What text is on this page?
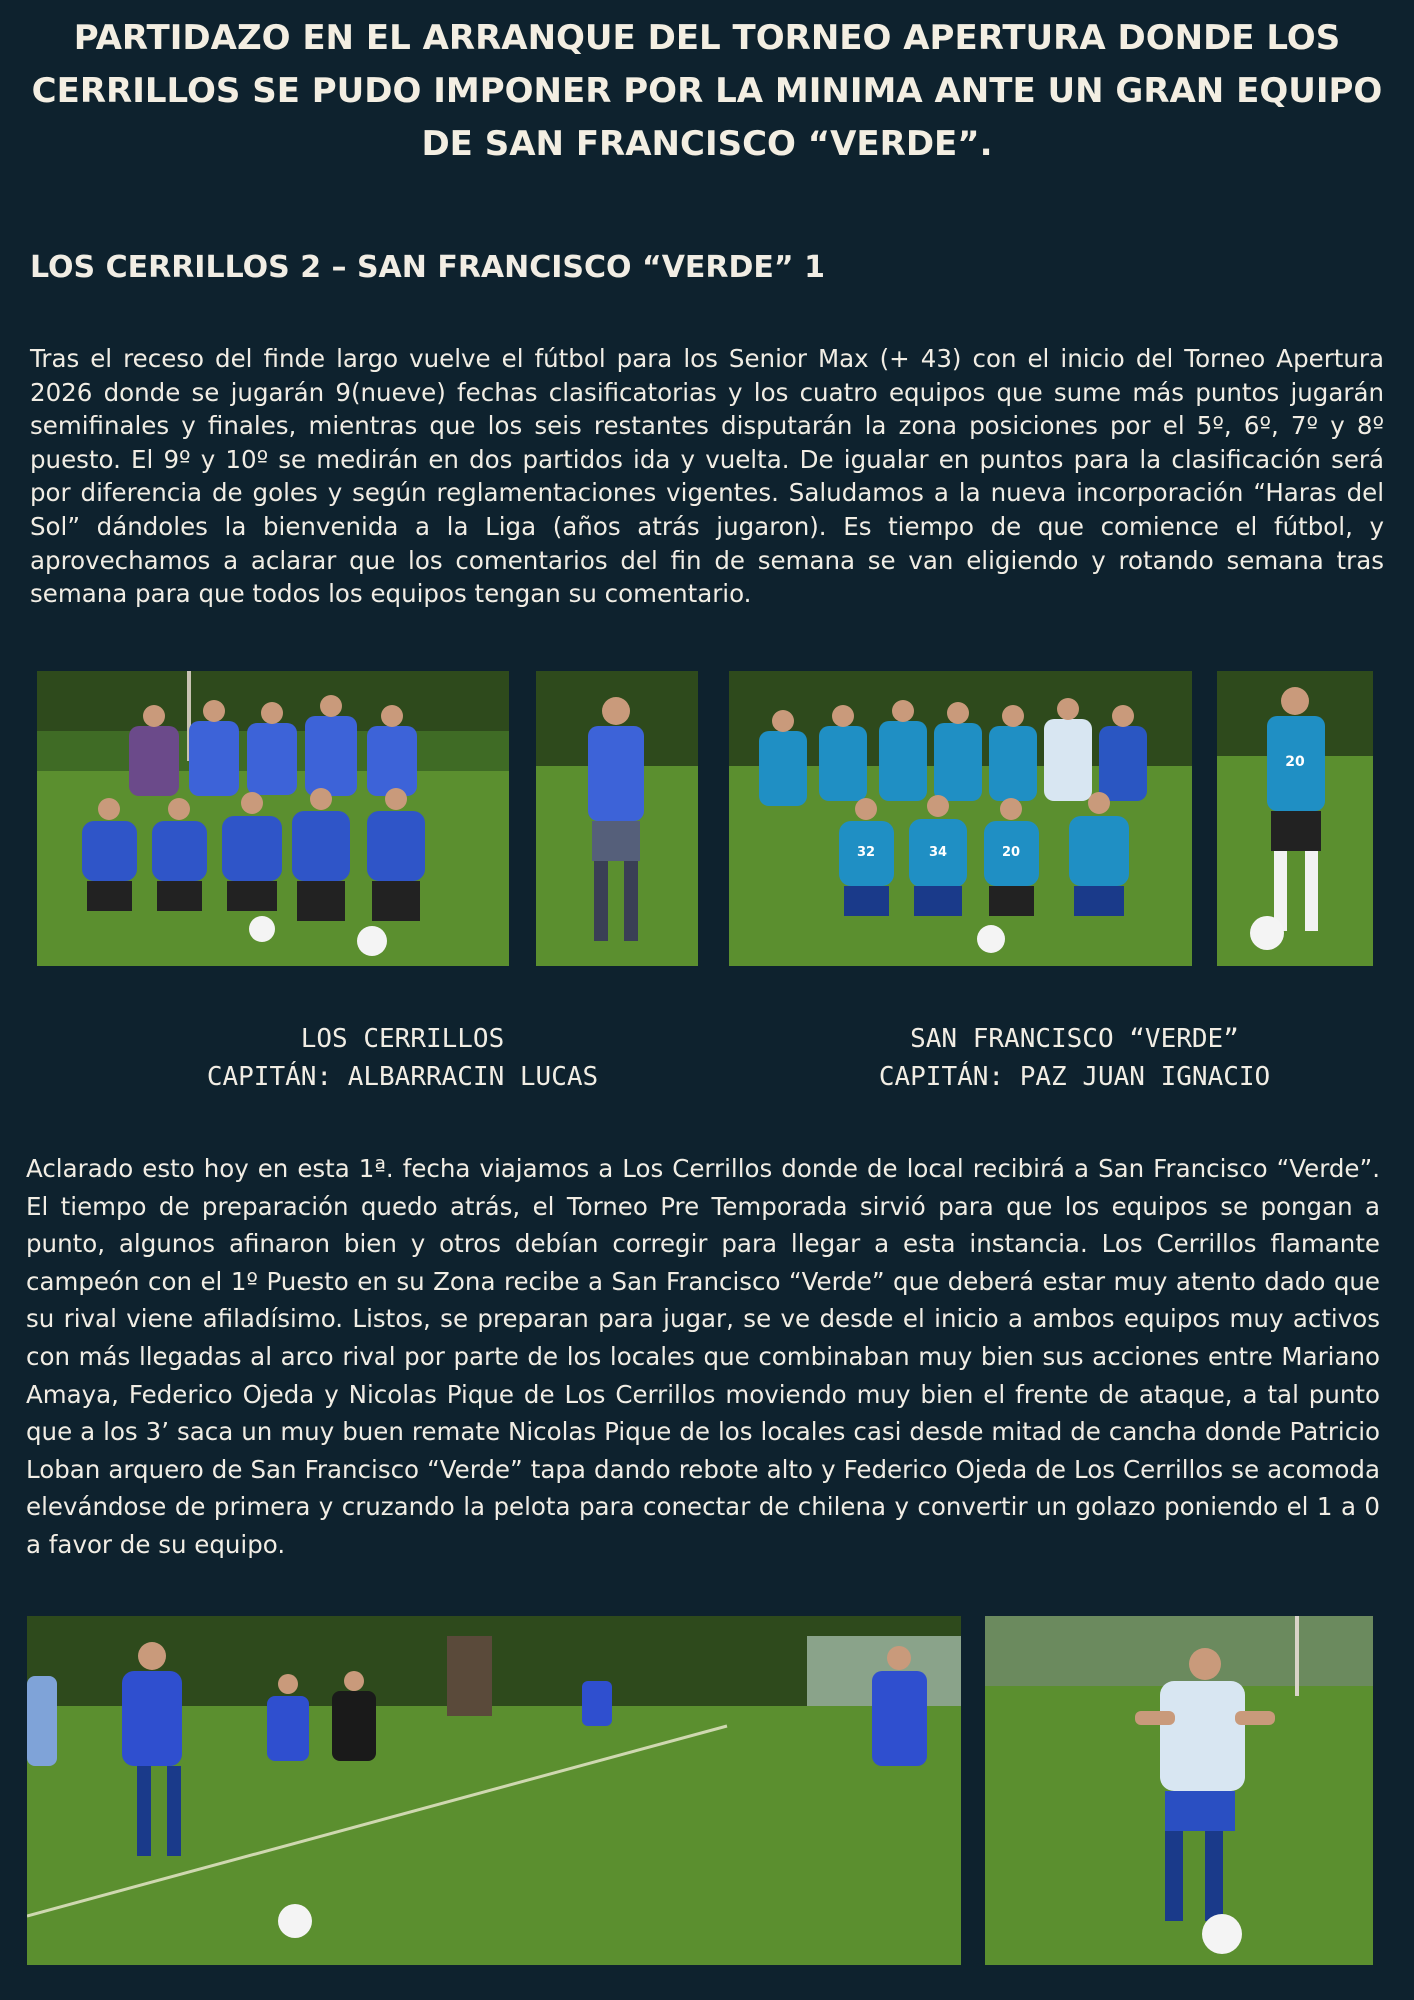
PARTIDAZO EN EL ARRANQUE DEL TORNEO APERTURA DONDE LOS CERRILLOS SE PUDO IMPONER POR LA MINIMA ANTE UN GRAN EQUIPO DE SAN FRANCISCO “VERDE”.
LOS CERRILLOS 2 – SAN FRANCISCO “VERDE” 1

Tras el receso del finde largo vuelve el fútbol para los Senior Max (+ 43) con el inicio del Torneo Apertura 2026 donde se jugarán 9(nueve) fechas clasificatorias y los cuatro equipos que sume más puntos jugarán semifinales y finales, mientras que los seis restantes disputarán la zona posiciones por el 5º, 6º, 7º y 8º puesto. El 9º y 10º se medirán en dos partidos ida y vuelta. De igualar en puntos para la clasificación será por diferencia de goles y según reglamentaciones vigentes. Saludamos a la nueva incorporación “Haras del Sol” dándoles la bienvenida a la Liga (años atrás jugaron). Es tiempo de que comience el fútbol, y aprovechamos a aclarar que los comentarios del fin de semana se van eligiendo y rotando semana tras semana para que todos los equipos tengan su comentario.

32	34	20
20
LOS CERRILLOS
CAPITÁN: ALBARRACIN LUCAS
SAN FRANCISCO “VERDE”
CAPITÁN: PAZ JUAN IGNACIO

Aclarado esto hoy en esta 1ª. fecha viajamos a Los Cerrillos donde de local recibirá a San Francisco “Verde”. El tiempo de preparación quedo atrás, el Torneo Pre Temporada sirvió para que los equipos se pongan a punto, algunos afinaron bien y otros debían corregir para llegar a esta instancia. Los Cerrillos flamante campeón con el 1º Puesto en su Zona recibe a San Francisco “Verde” que deberá estar muy atento dado que su rival viene afiladísimo. Listos, se preparan para jugar, se ve desde el inicio a ambos equipos muy activos con más llegadas al arco rival por parte de los locales que combinaban muy bien sus acciones entre Mariano Amaya, Federico Ojeda y Nicolas Pique de Los Cerrillos moviendo muy bien el frente de ataque, a tal punto que a los 3’ saca un muy buen remate Nicolas Pique de los locales casi desde mitad de cancha donde Patricio Loban arquero de San Francisco “Verde” tapa dando rebote alto y Federico Ojeda de Los Cerrillos se acomoda elevándose de primera y cruzando la pelota para conectar de chilena y convertir un golazo poniendo el 1 a 0 a favor de su equipo.
